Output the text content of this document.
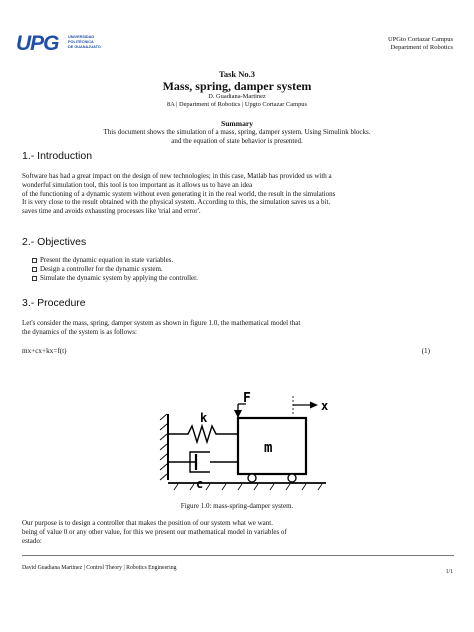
UPG UNIVERSIDAD
POLITÉCNICA
DE GUANAJUATO
UPGto Cortazar Campus
Department of Robotics
Task No.3
Mass, spring, damper system
D. Guadiana-Martinez
8A | Department of Robotics | Upgto Cortazar Campus
Summary
This document shows the simulation of a mass, spring, damper system. Using Simulink blocks.
and the equation of state behavior is presented.
1.- Introduction
Software has had a great impact on the design of new technologies; in this case, Matlab has provided us with a
wonderful simulation tool, this tool is too important as it allows us to have an idea
of the functioning of a dynamic system without even generating it in the real world, the result in the simulations
It is very close to the result obtained with the physical system. According to this, the simulation saves us a bit.
saves time and avoids exhausting processes like 'trial and error'.
2.- Objectives
Present the dynamic equation in state variables.
Design a controller for the dynamic system.
Simulate the dynamic system by applying the controller.
3.- Procedure
Let's consider the mass, spring, damper system as shown in figure 1.0, the mathematical model that
the dynamics of the system is as follows:
mx+cx+kx=f(t)	(1)
F	x
k
c
m
Figure 1.0: mass-spring-damper system.
Our purpose is to design a controller that makes the position of our system what we want.
being of value 0 or any other value, for this we present our mathematical model in variables of
estado:
David Guadiana Martinez | Control Theory | Robotics Engineering
1/1
